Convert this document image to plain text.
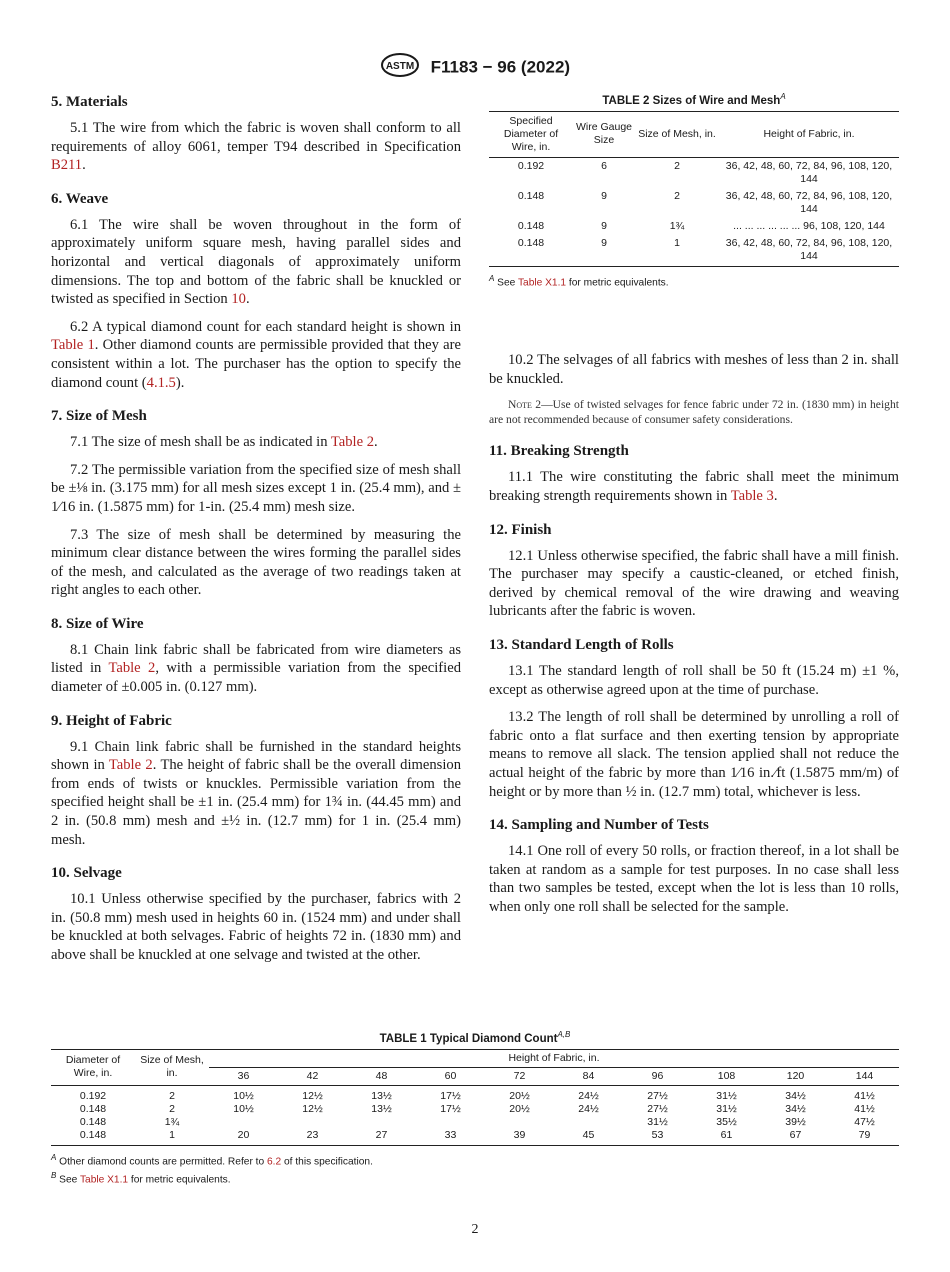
ASTM F1183 − 96 (2022)
5. Materials

5.1 The wire from which the fabric is woven shall conform to all requirements of alloy 6061, temper T94 described in Specification B211.

6. Weave

6.1 The wire shall be woven throughout in the form of approximately uniform square mesh, having parallel sides and horizontal and vertical diagonals of approximately uniform dimensions. The top and bottom of the fabric shall be knuckled or twisted as specified in Section 10.

6.2 A typical diamond count for each standard height is shown in Table 1. Other diamond counts are permissible provided that they are consistent within a lot. The purchaser has the option to specify the diamond count (4.1.5).

7. Size of Mesh

7.1 The size of mesh shall be as indicated in Table 2.

7.2 The permissible variation from the specified size of mesh shall be ±⅛ in. (3.175 mm) for all mesh sizes except 1 in. (25.4 mm), and ± 1⁄16 in. (1.5875 mm) for 1-in. (25.4 mm) mesh size.

7.3 The size of mesh shall be determined by measuring the minimum clear distance between the wires forming the parallel sides of the mesh, and calculated as the average of two readings taken at right angles to each other.

8. Size of Wire

8.1 Chain link fabric shall be fabricated from wire diameters as listed in Table 2, with a permissible variation from the specified diameter of ±0.005 in. (0.127 mm).

9. Height of Fabric

9.1 Chain link fabric shall be furnished in the standard heights shown in Table 2. The height of fabric shall be the overall dimension from ends of twists or knuckles. Permissible variation from the specified height shall be ±1 in. (25.4 mm) for 1¾ in. (44.45 mm) and 2 in. (50.8 mm) mesh and ±½ in. (12.7 mm) for 1 in. (25.4 mm) mesh.

10. Selvage

10.1 Unless otherwise specified by the purchaser, fabrics with 2 in. (50.8 mm) mesh used in heights 60 in. (1524 mm) and under shall be knuckled at both selvages. Fabric of heights 72 in. (1830 mm) and above shall be knuckled at one selvage and twisted at the other.

TABLE 2 Sizes of Wire and Mesh$^A$
Specified Diameter of Wire, in.	Wire Gauge Size	Size of Mesh, in.	Height of Fabric, in.
0.192	6	2	36, 42, 48, 60, 72, 84, 96, 108, 120, 144
0.148	9	2	36, 42, 48, 60, 72, 84, 96, 108, 120, 144
0.148	9	1¾	... ... ... ... ... ... 96, 108, 120, 144
0.148	9	1	36, 42, 48, 60, 72, 84, 96, 108, 120, 144
$^A$ See Table X1.1 for metric equivalents.

10.2 The selvages of all fabrics with meshes of less than 2 in. shall be knuckled.

Note 2—Use of twisted selvages for fence fabric under 72 in. (1830 mm) in height are not recommended because of consumer safety considerations.

11. Breaking Strength

11.1 The wire constituting the fabric shall meet the minimum breaking strength requirements shown in Table 3.

12. Finish

12.1 Unless otherwise specified, the fabric shall have a mill finish. The purchaser may specify a caustic-cleaned, or etched finish, derived by chemical removal of the wire drawing and weaving lubricants after the fabric is woven.

13. Standard Length of Rolls

13.1 The standard length of roll shall be 50 ft (15.24 m) ±1 %, except as otherwise agreed upon at the time of purchase.

13.2 The length of roll shall be determined by unrolling a roll of fabric onto a flat surface and then exerting tension by appropriate means to remove all slack. The tension applied shall not reduce the actual height of the fabric by more than 1⁄16 in.⁄ft (1.5875 mm/m) of height or by more than ½ in. (12.7 mm) total, whichever is less.

14. Sampling and Number of Tests

14.1 One roll of every 50 rolls, or fraction thereof, in a lot shall be taken at random as a sample for test purposes. In no case shall less than two samples be tested, except when the lot is less than 10 rolls, when only one roll shall be selected for the sample.

TABLE 1 Typical Diamond Count$^{A,B}$
Diameter of Wire, in.	Size of Mesh, in.	Height of Fabric, in.									
		36	42	48	60	72	84	96	108	120	144
0.192	2	10½	12½	13½	17½	20½	24½	27½	31½	34½	41½
0.148	2	10½	12½	13½	17½	20½	24½	27½	31½	34½	41½
0.148	1¾							31½	35½	39½	47½
0.148	1	20	23	27	33	39	45	53	61	67	79
$^A$ Other diamond counts are permitted. Refer to 6.2 of this specification.
$^B$ See Table X1.1 for metric equivalents.
2
